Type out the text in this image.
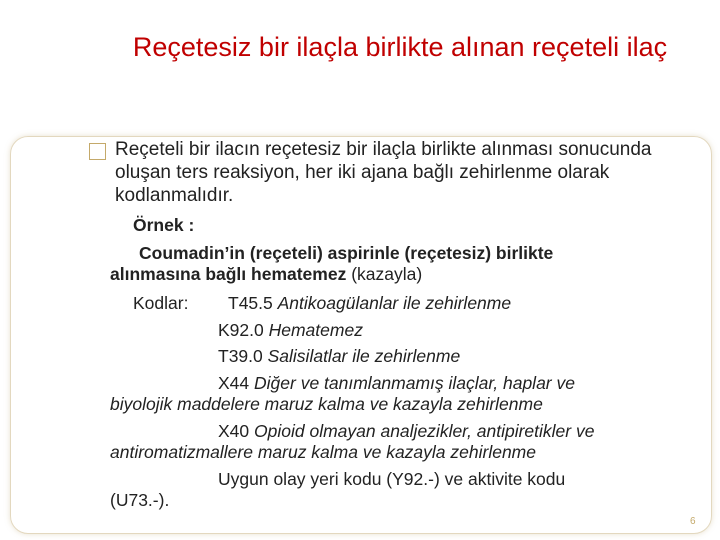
Reçetesiz bir ilaçla birlikte alınan reçeteli ilaç
Reçeteli bir ilacın reçetesiz bir ilaçla birlikte alınması sonucunda oluşan ters reaksiyon, her iki ajana bağlı zehirlenme olarak kodlanmalıdır.
Örnek :
Coumadin’in (reçeteli) aspirinle (reçetesiz) birlikte
alınmasına bağlı hematemez (kazayla)
Kodlar: T45.5 Antikoagülanlar ile zehirlenme
K92.0 Hematemez
T39.0 Salisilatlar ile zehirlenme
X44 Diğer ve tanımlanmamış ilaçlar, haplar ve
biyolojik maddelere maruz kalma ve kazayla zehirlenme
X40 Opioid olmayan analjezikler, antipiretikler ve
antiromatizmallere maruz kalma ve kazayla zehirlenme
Uygun olay yeri kodu (Y92.-) ve aktivite kodu
(U73.-).
6
